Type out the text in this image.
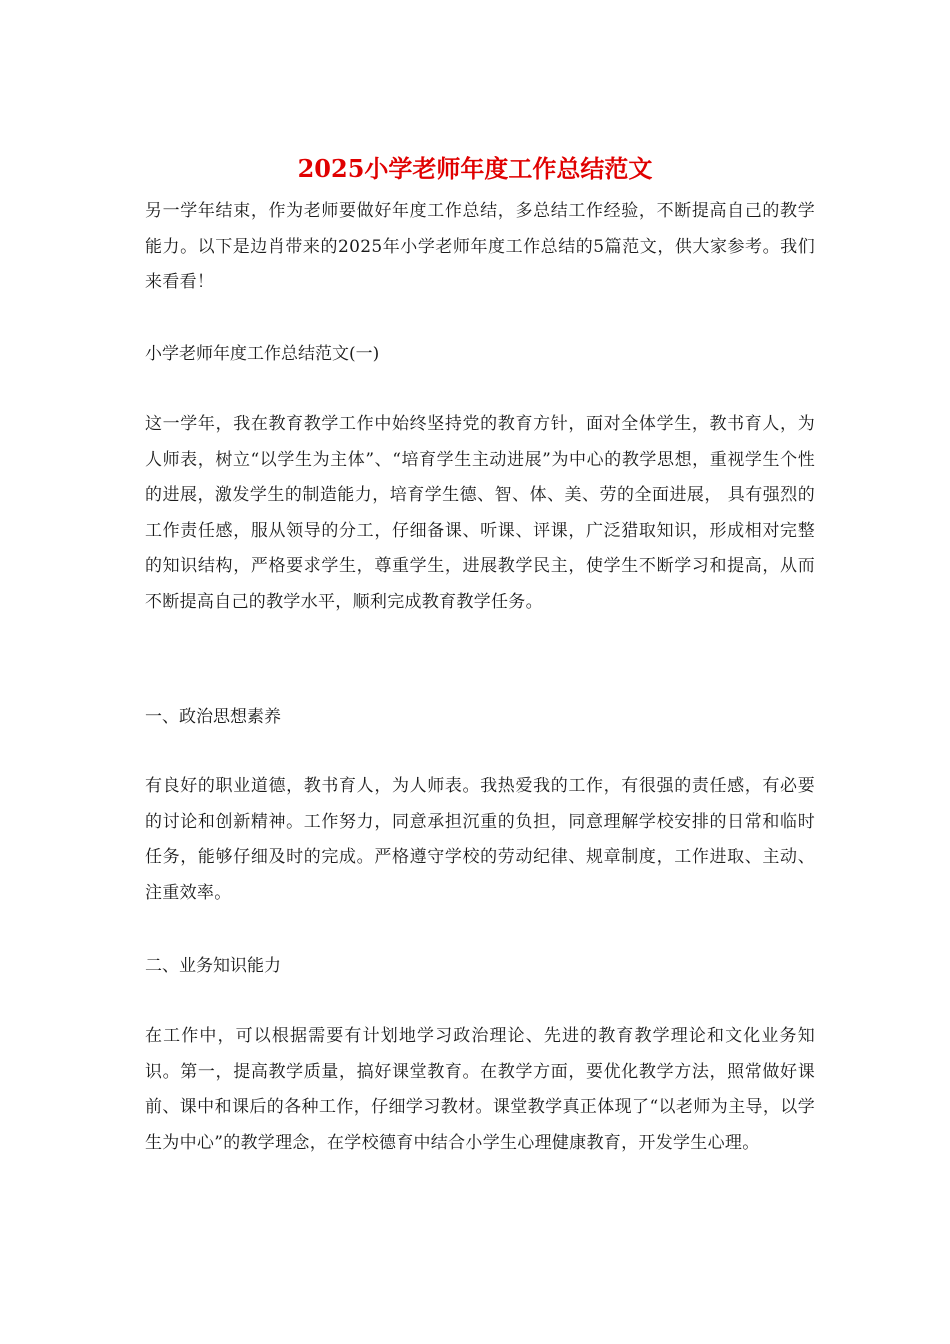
2025小学老师年度工作总结范文

另一学年结束，作为老师要做好年度工作总结，多总结工作经验，不断提高自己的教学能力。以下是边肖带来的2025年小学老师年度工作总结的5篇范文，供大家参考。我们来看看！

小学老师年度工作总结范文(一)

这一学年，我在教育教学工作中始终坚持党的教育方针，面对全体学生，教书育人，为人师表，树立“以学生为主体”、“培育学生主动进展”为中心的教学思想，重视学生个性的进展，激发学生的制造能力，培育学生德、智、体、美、劳的全面进展， 具有强烈的工作责任感，服从领导的分工，仔细备课、听课、评课，广泛猎取知识，形成相对完整的知识结构，严格要求学生，尊重学生，进展教学民主，使学生不断学习和提高，从而不断提高自己的教学水平，顺利完成教育教学任务。

一、政治思想素养

有良好的职业道德，教书育人，为人师表。我热爱我的工作，有很强的责任感，有必要的讨论和创新精神。工作努力，同意承担沉重的负担，同意理解学校安排的日常和临时任务，能够仔细及时的完成。严格遵守学校的劳动纪律、规章制度，工作进取、主动、注重效率。

二、业务知识能力

在工作中，可以根据需要有计划地学习政治理论、先进的教育教学理论和文化业务知识。第一，提高教学质量，搞好课堂教育。在教学方面，要优化教学方法，照常做好课前、课中和课后的各种工作，仔细学习教材。课堂教学真正体现了“以老师为主导，以学生为中心”的教学理念，在学校德育中结合小学生心理健康教育，开发学生心理。
